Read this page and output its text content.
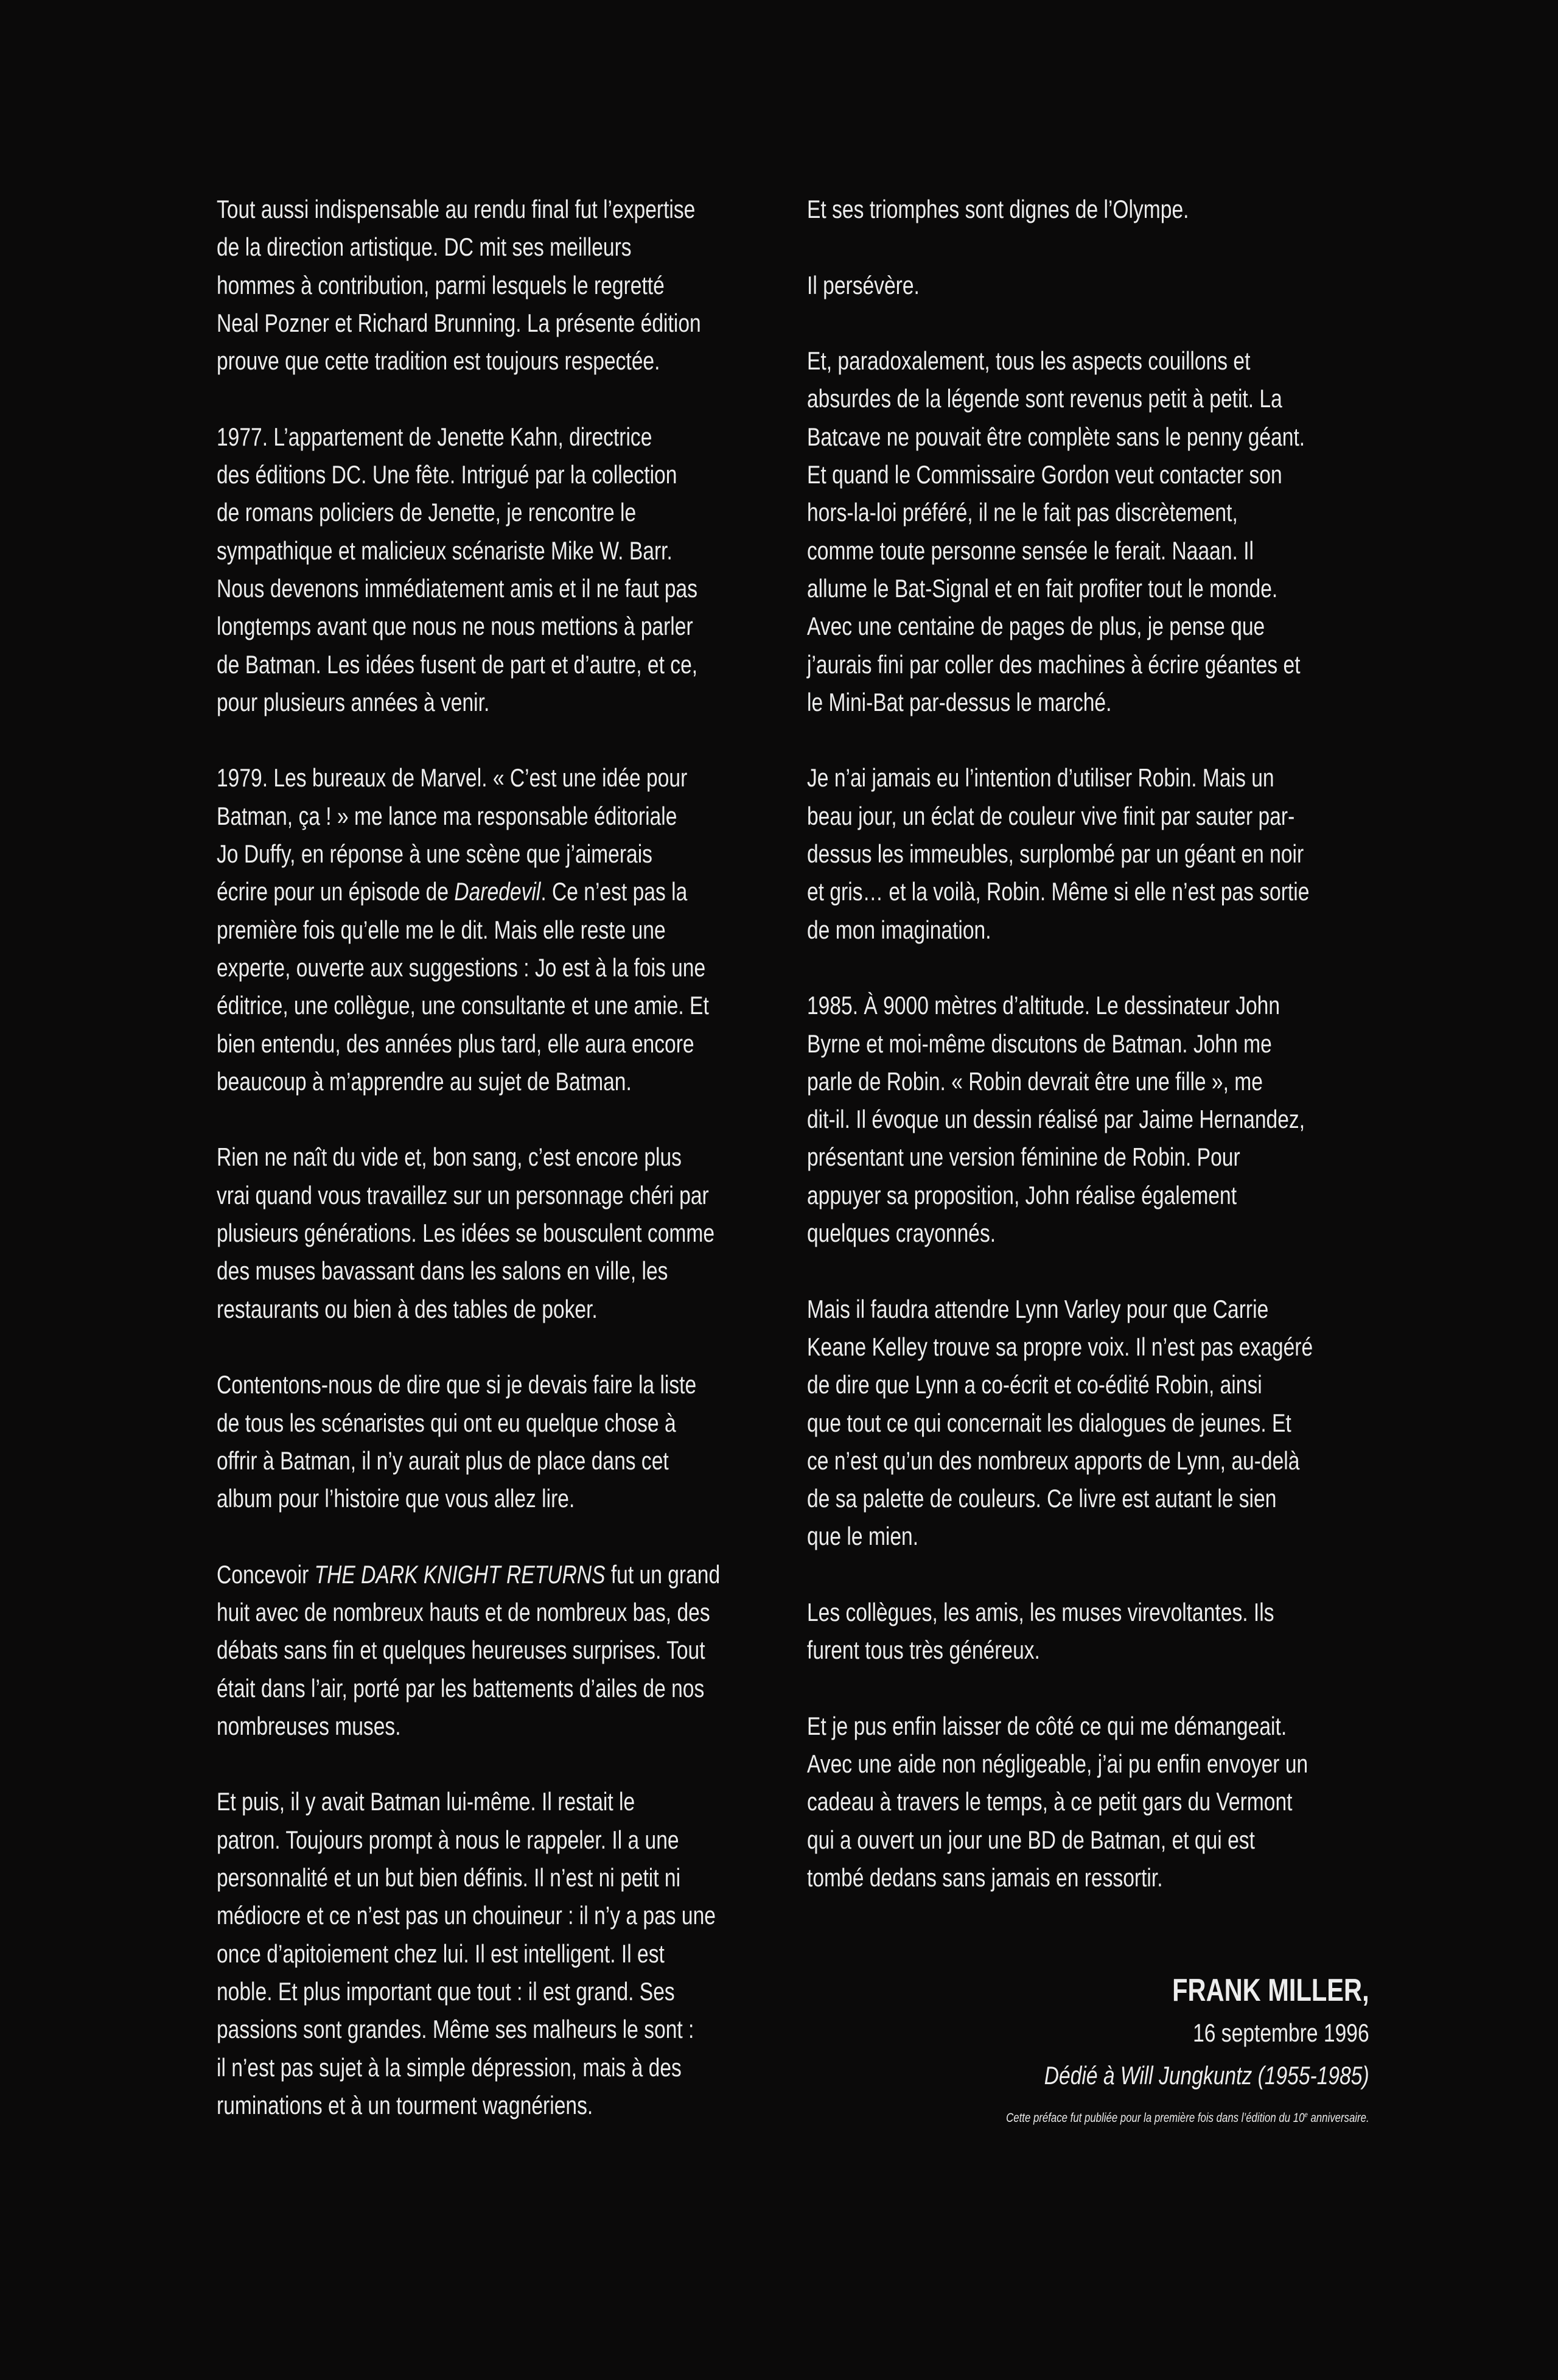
Tout aussi indispensable au rendu final fut l’expertise
de la direction artistique. DC mit ses meilleurs
hommes à contribution, parmi lesquels le regretté
Neal Pozner et Richard Brunning. La présente édition
prouve que cette tradition est toujours respectée.
1977. L’appartement de Jenette Kahn, directrice
des éditions DC. Une fête. Intrigué par la collection
de romans policiers de Jenette, je rencontre le
sympathique et malicieux scénariste Mike W. Barr.
Nous devenons immédiatement amis et il ne faut pas
longtemps avant que nous ne nous mettions à parler
de Batman. Les idées fusent de part et d’autre, et ce,
pour plusieurs années à venir.
1979. Les bureaux de Marvel. « C’est une idée pour
Batman, ça ! » me lance ma responsable éditoriale
Jo Duffy, en réponse à une scène que j’aimerais
écrire pour un épisode de Daredevil. Ce n’est pas la
première fois qu’elle me le dit. Mais elle reste une
experte, ouverte aux suggestions : Jo est à la fois une
éditrice, une collègue, une consultante et une amie. Et
bien entendu, des années plus tard, elle aura encore
beaucoup à m’apprendre au sujet de Batman.
Rien ne naît du vide et, bon sang, c’est encore plus
vrai quand vous travaillez sur un personnage chéri par
plusieurs générations. Les idées se bousculent comme
des muses bavassant dans les salons en ville, les
restaurants ou bien à des tables de poker.
Contentons-nous de dire que si je devais faire la liste
de tous les scénaristes qui ont eu quelque chose à
offrir à Batman, il n’y aurait plus de place dans cet
album pour l’histoire que vous allez lire.
Concevoir THE DARK KNIGHT RETURNS fut un grand
huit avec de nombreux hauts et de nombreux bas, des
débats sans fin et quelques heureuses surprises. Tout
était dans l’air, porté par les battements d’ailes de nos
nombreuses muses.
Et puis, il y avait Batman lui-même. Il restait le
patron. Toujours prompt à nous le rappeler. Il a une
personnalité et un but bien définis. Il n’est ni petit ni
médiocre et ce n’est pas un chouineur : il n’y a pas une
once d’apitoiement chez lui. Il est intelligent. Il est
noble. Et plus important que tout : il est grand. Ses
passions sont grandes. Même ses malheurs le sont :
il n’est pas sujet à la simple dépression, mais à des
ruminations et à un tourment wagnériens.
Et ses triomphes sont dignes de l’Olympe.
Il persévère.
Et, paradoxalement, tous les aspects couillons et
absurdes de la légende sont revenus petit à petit. La
Batcave ne pouvait être complète sans le penny géant.
Et quand le Commissaire Gordon veut contacter son
hors-la-loi préféré, il ne le fait pas discrètement,
comme toute personne sensée le ferait. Naaan. Il
allume le Bat-Signal et en fait profiter tout le monde.
Avec une centaine de pages de plus, je pense que
j’aurais fini par coller des machines à écrire géantes et
le Mini-Bat par-dessus le marché.
Je n’ai jamais eu l’intention d’utiliser Robin. Mais un
beau jour, un éclat de couleur vive finit par sauter par-
dessus les immeubles, surplombé par un géant en noir
et gris… et la voilà, Robin. Même si elle n’est pas sortie
de mon imagination.
1985. À 9000 mètres d’altitude. Le dessinateur John
Byrne et moi-même discutons de Batman. John me
parle de Robin. « Robin devrait être une fille », me
dit-il. Il évoque un dessin réalisé par Jaime Hernandez,
présentant une version féminine de Robin. Pour
appuyer sa proposition, John réalise également
quelques crayonnés.
Mais il faudra attendre Lynn Varley pour que Carrie
Keane Kelley trouve sa propre voix. Il n’est pas exagéré
de dire que Lynn a co-écrit et co-édité Robin, ainsi
que tout ce qui concernait les dialogues de jeunes. Et
ce n’est qu’un des nombreux apports de Lynn, au-delà
de sa palette de couleurs. Ce livre est autant le sien
que le mien.
Les collègues, les amis, les muses virevoltantes. Ils
furent tous très généreux.
Et je pus enfin laisser de côté ce qui me démangeait.
Avec une aide non négligeable, j’ai pu enfin envoyer un
cadeau à travers le temps, à ce petit gars du Vermont
qui a ouvert un jour une BD de Batman, et qui est
tombé dedans sans jamais en ressortir.
FRANK MILLER,
16 septembre 1996
Dédié à Will Jungkuntz (1955-1985)
Cette préface fut publiée pour la première fois dans l’édition du 10e anniversaire.
